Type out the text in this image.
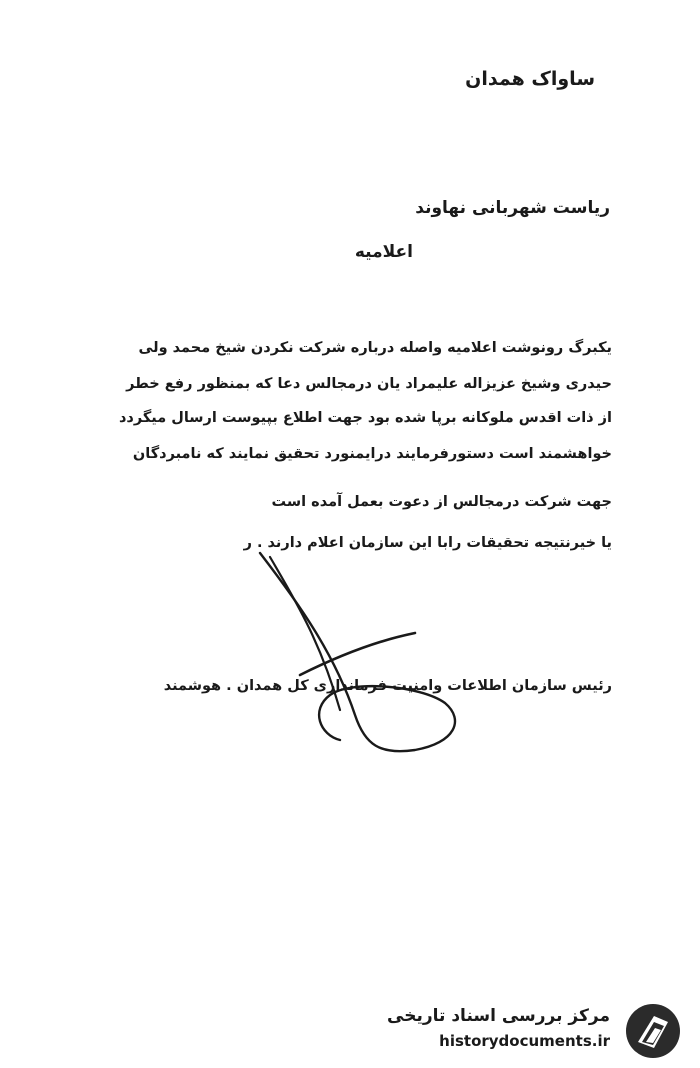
ساواک همدان
ریاست شهربانی نهاوند
اعلامیه
یکبرگ رونوشت اعلامیه واصله درباره شرکت نکردن شیخ محمد ولی
حیدری وشیخ عزیزاله علیمراد یان درمجالس دعا که بمنظور رفع خطر
از ذات اقدس ملوکانه برپا شده بود جهت اطلاع بپیوست ارسال میگردد
خواهشمند است دستورفرمایند درایمنورد تحقیق نمایند که نامبردگان
جهت شرکت درمجالس از دعوت بعمل آمده است
یا خیرنتیجه تحقیقات رابا این سازمان اعلام دارند . ر
رئیس سازمان اطلاعات وامنیت فرمانداری کل همدان . هوشمند
مرکز بررسی اسناد تاریخی
historydocuments.ir
